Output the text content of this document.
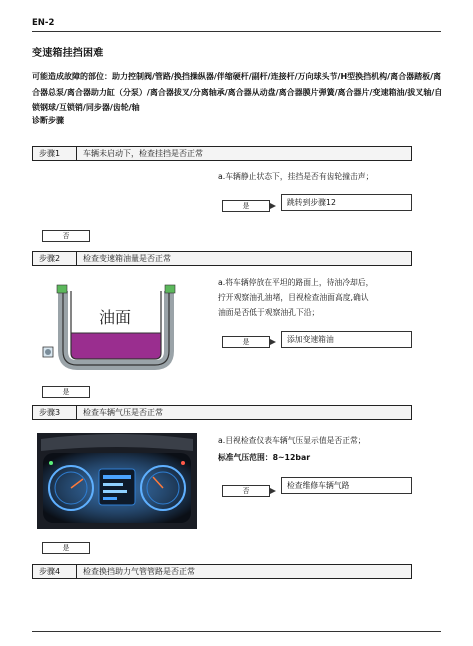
EN-2
变速箱挂挡困难
可能造成故障的部位：助力控制阀/管路/换挡操纵器/伴缩硬杆/副杆/连接杆/万向球头节/H型换挡机构/离合器踏板/离合器总泵/离合器助力缸（分泵）/离合器拔叉/分离轴承/离合器从动盘/离合器膜片弹簧/离合器片/变速箱油/拔叉轴/自锁钢球/互锁销/同步器/齿轮/轴
诊断步骤
步骤1	车辆未启动下，检查挂挡是否正常
a.车辆静止状态下，挂挡是否有齿轮撞击声；
是	跳转到步骤12
否
步骤2	检查变速箱油量是否正常
油面
a.将车辆停放在平坦的路面上，待油冷却后，
拧开观察油孔油堵，目视检查油面高度,确认
油面是否低于观察油孔下沿；
是	添加变速箱油
是
步骤3	检查车辆气压是否正常
a.目视检查仪表车辆气压显示值是否正常；
标准气压范围：8~12bar
否
检查维修车辆气路
是
步骤4	检查换挡助力气管管路是否正常
